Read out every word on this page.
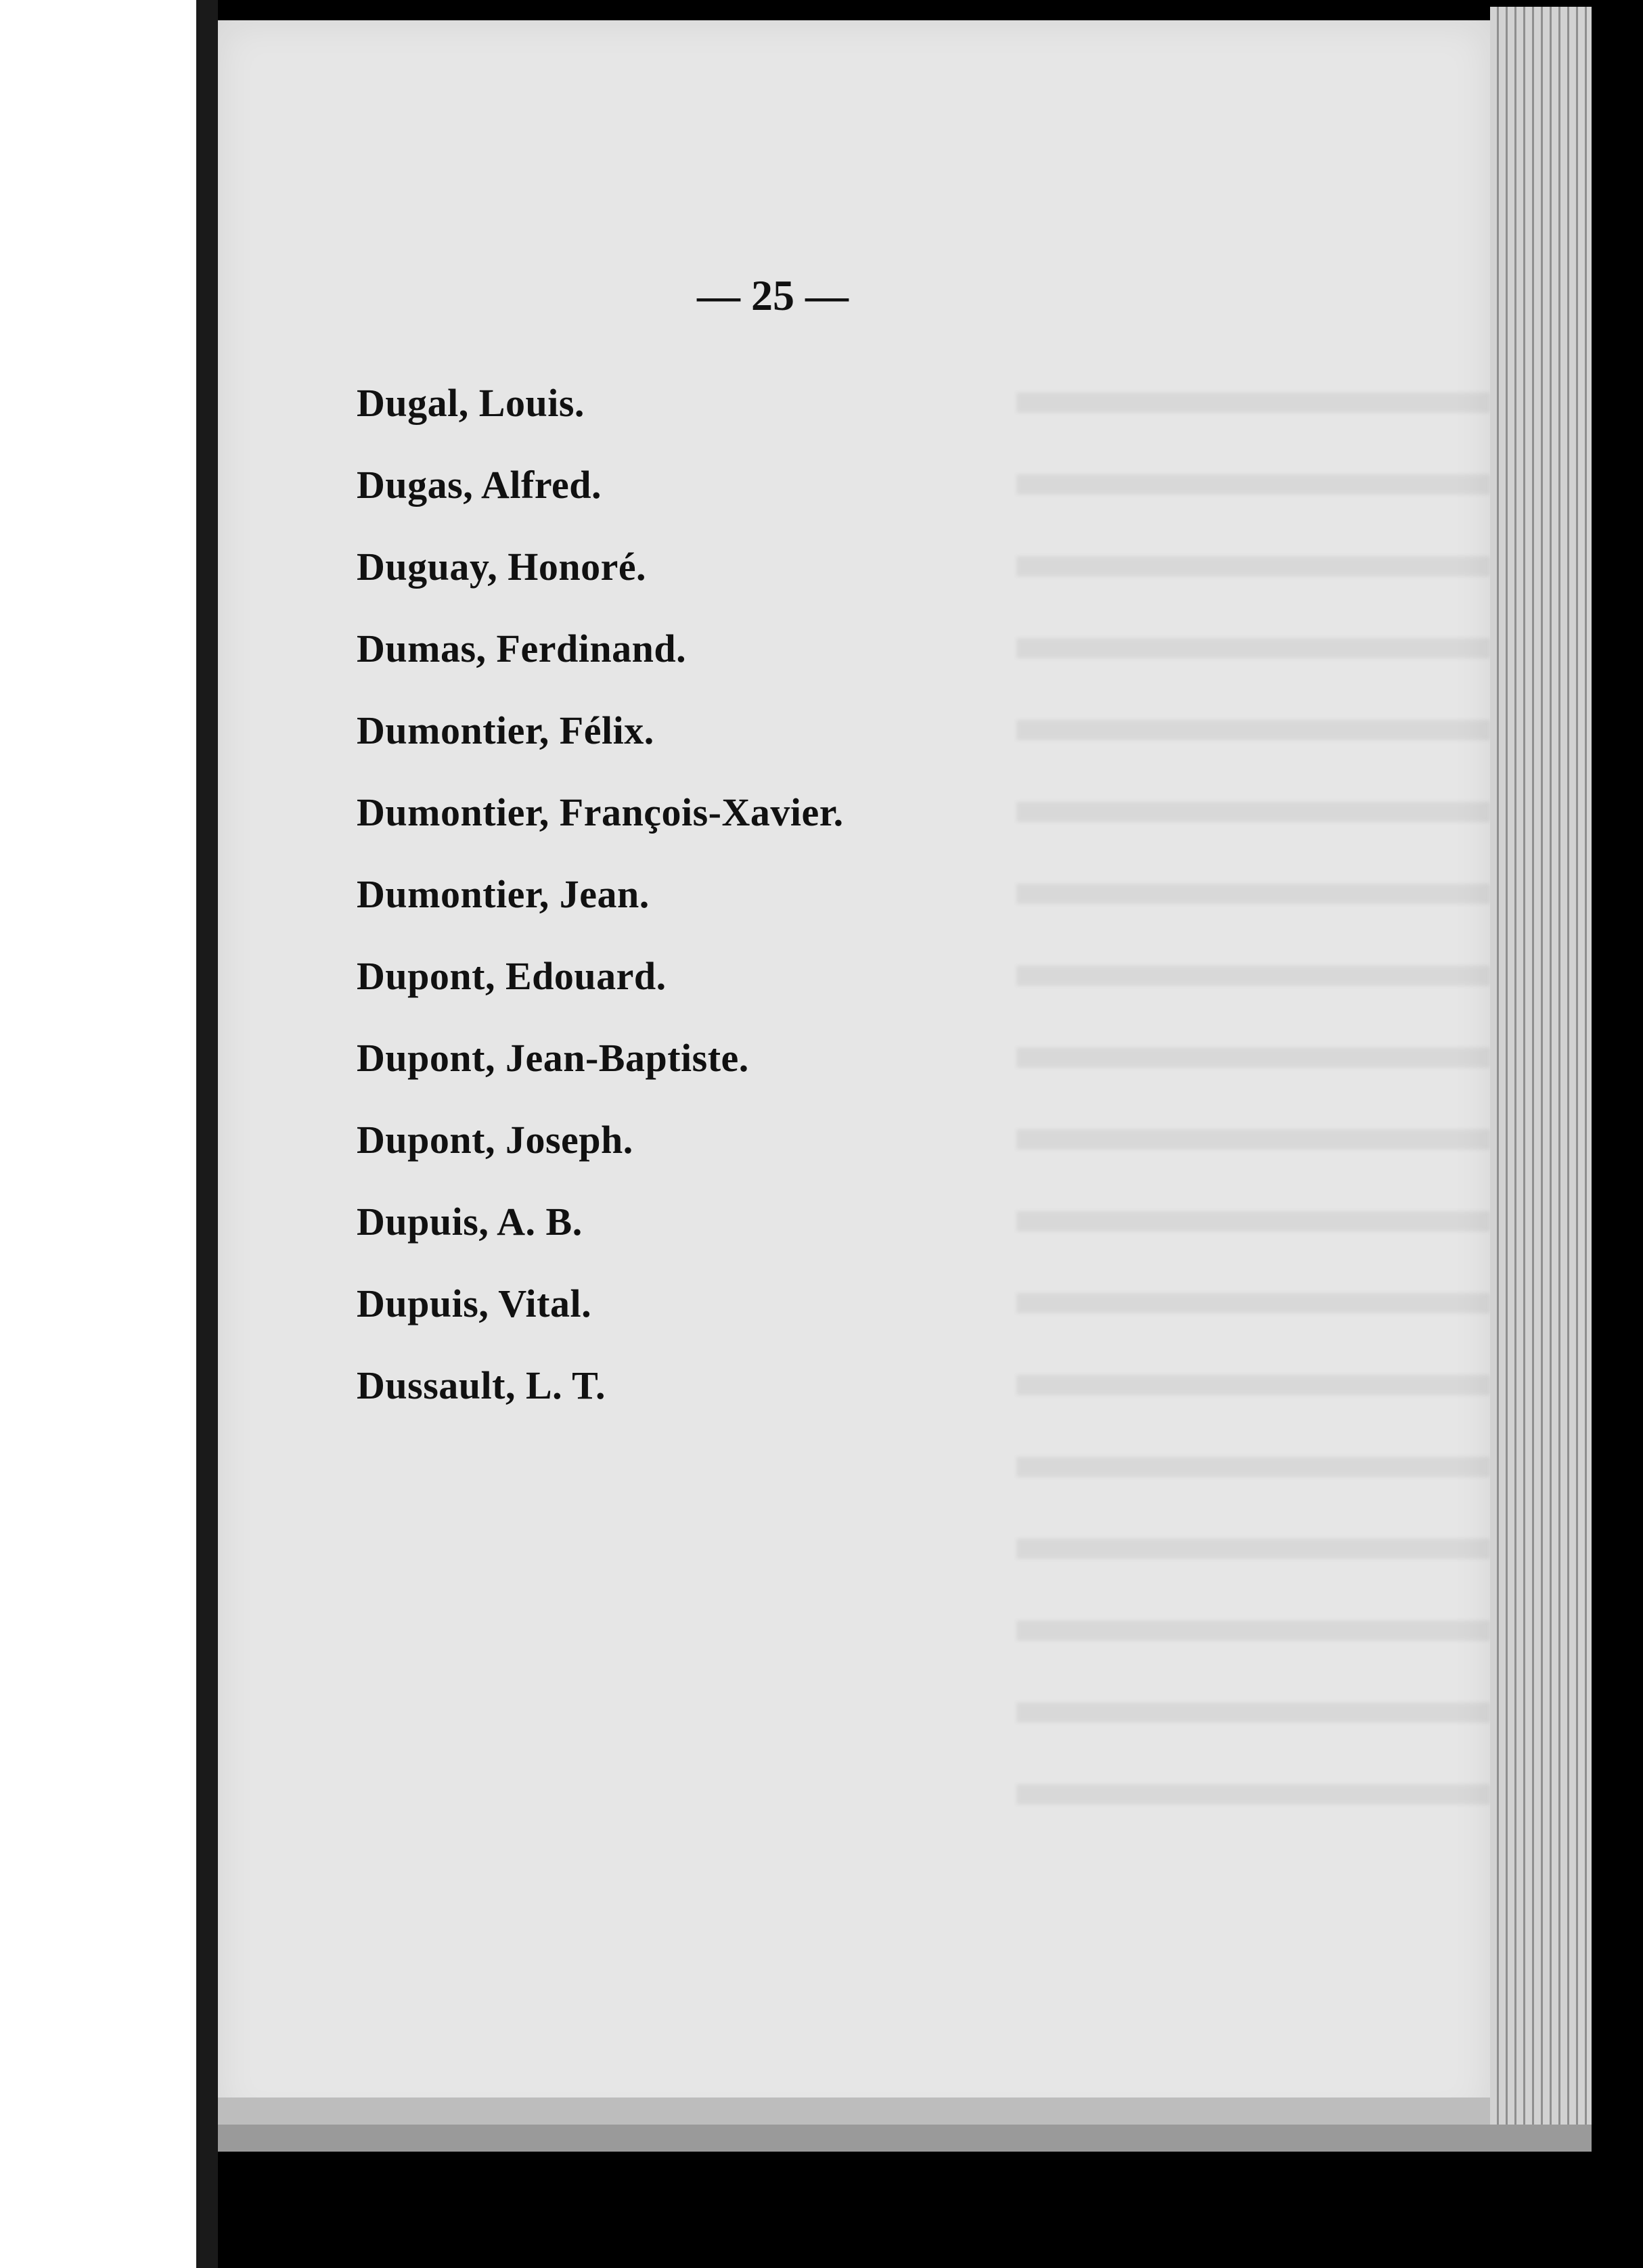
— 25 —
Dugal, Louis.
Dugas, Alfred.
Duguay, Honoré.
Dumas, Ferdinand.
Dumontier, Félix.
Dumontier, François-Xavier.
Dumontier, Jean.
Dupont, Edouard.
Dupont, Jean-Baptiste.
Dupont, Joseph.
Dupuis, A. B.
Dupuis, Vital.
Dussault, L. T.
